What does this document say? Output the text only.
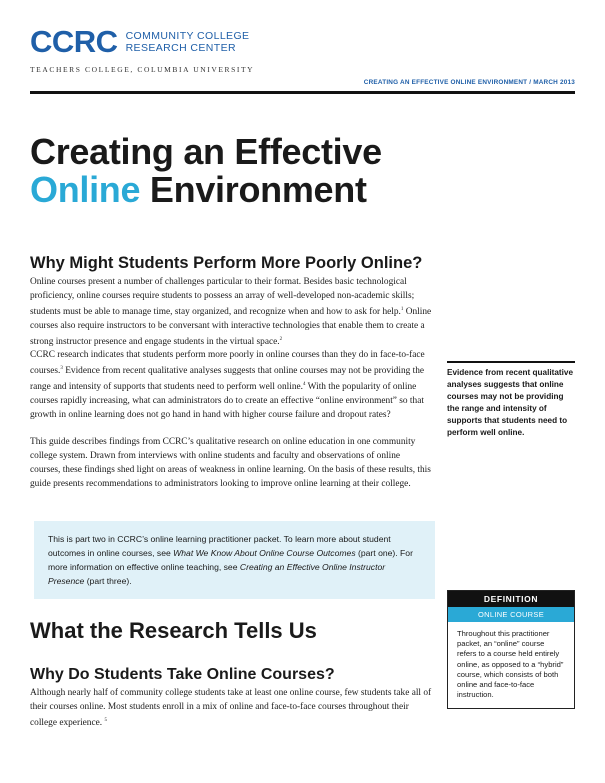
CCRC COMMUNITY COLLEGE
RESEARCH CENTER
TEACHERS COLLEGE, COLUMBIA UNIVERSITY
CREATING AN EFFECTIVE ONLINE ENVIRONMENT / MARCH 2013
Creating an Effective
Online Environment
Why Might Students Perform More Poorly Online?

Online courses present a number of challenges particular to their format. Besides basic technological proficiency, online courses require students to possess an array of well-developed non-academic skills; students must be able to manage time, stay organized, and recognize when and how to ask for help.$^1$ Online courses also require instructors to be conversant with interactive technologies that enable them to create a strong instructor presence and engage students in the virtual space.$^2$

CCRC research indicates that students perform more poorly in online courses than they do in face-to-face courses.$^3$ Evidence from recent qualitative analyses suggests that online courses may not be providing the range and intensity of supports that students need to perform well online.$^4$ With the popularity of online courses rapidly increasing, what can administrators do to create an effective “online environment” so that growth in online learning does not go hand in hand with higher course failure and dropout rates?

This guide describes findings from CCRC’s qualitative research on online education in one community college system. Drawn from interviews with online students and faculty and observations of online courses, these findings shed light on areas of weakness in online learning. On the basis of these results, this guide presents recommendations to administrators looking to improve online learning at their college.

This is part two in CCRC’s online learning practitioner packet. To learn more about student outcomes in online courses, see What We Know About Online Course Outcomes (part one). For more information on effective online teaching, see Creating an Effective Online Instructor Presence (part three).

Evidence from recent qualitative analyses suggests that online courses may not be providing the range and intensity of supports that students need to perform well online.

DEFINITION
ONLINE COURSE
Throughout this practitioner packet, an “online” course refers to a course held entirely online, as opposed to a “hybrid” course, which consists of both online and face-to-face instruction.
What the Research Tells Us
Why Do Students Take Online Courses?

Although nearly half of community college students take at least one online course, few students take all of their courses online. Most students enroll in a mix of online and face-to-face courses throughout their college experience. $^5$
